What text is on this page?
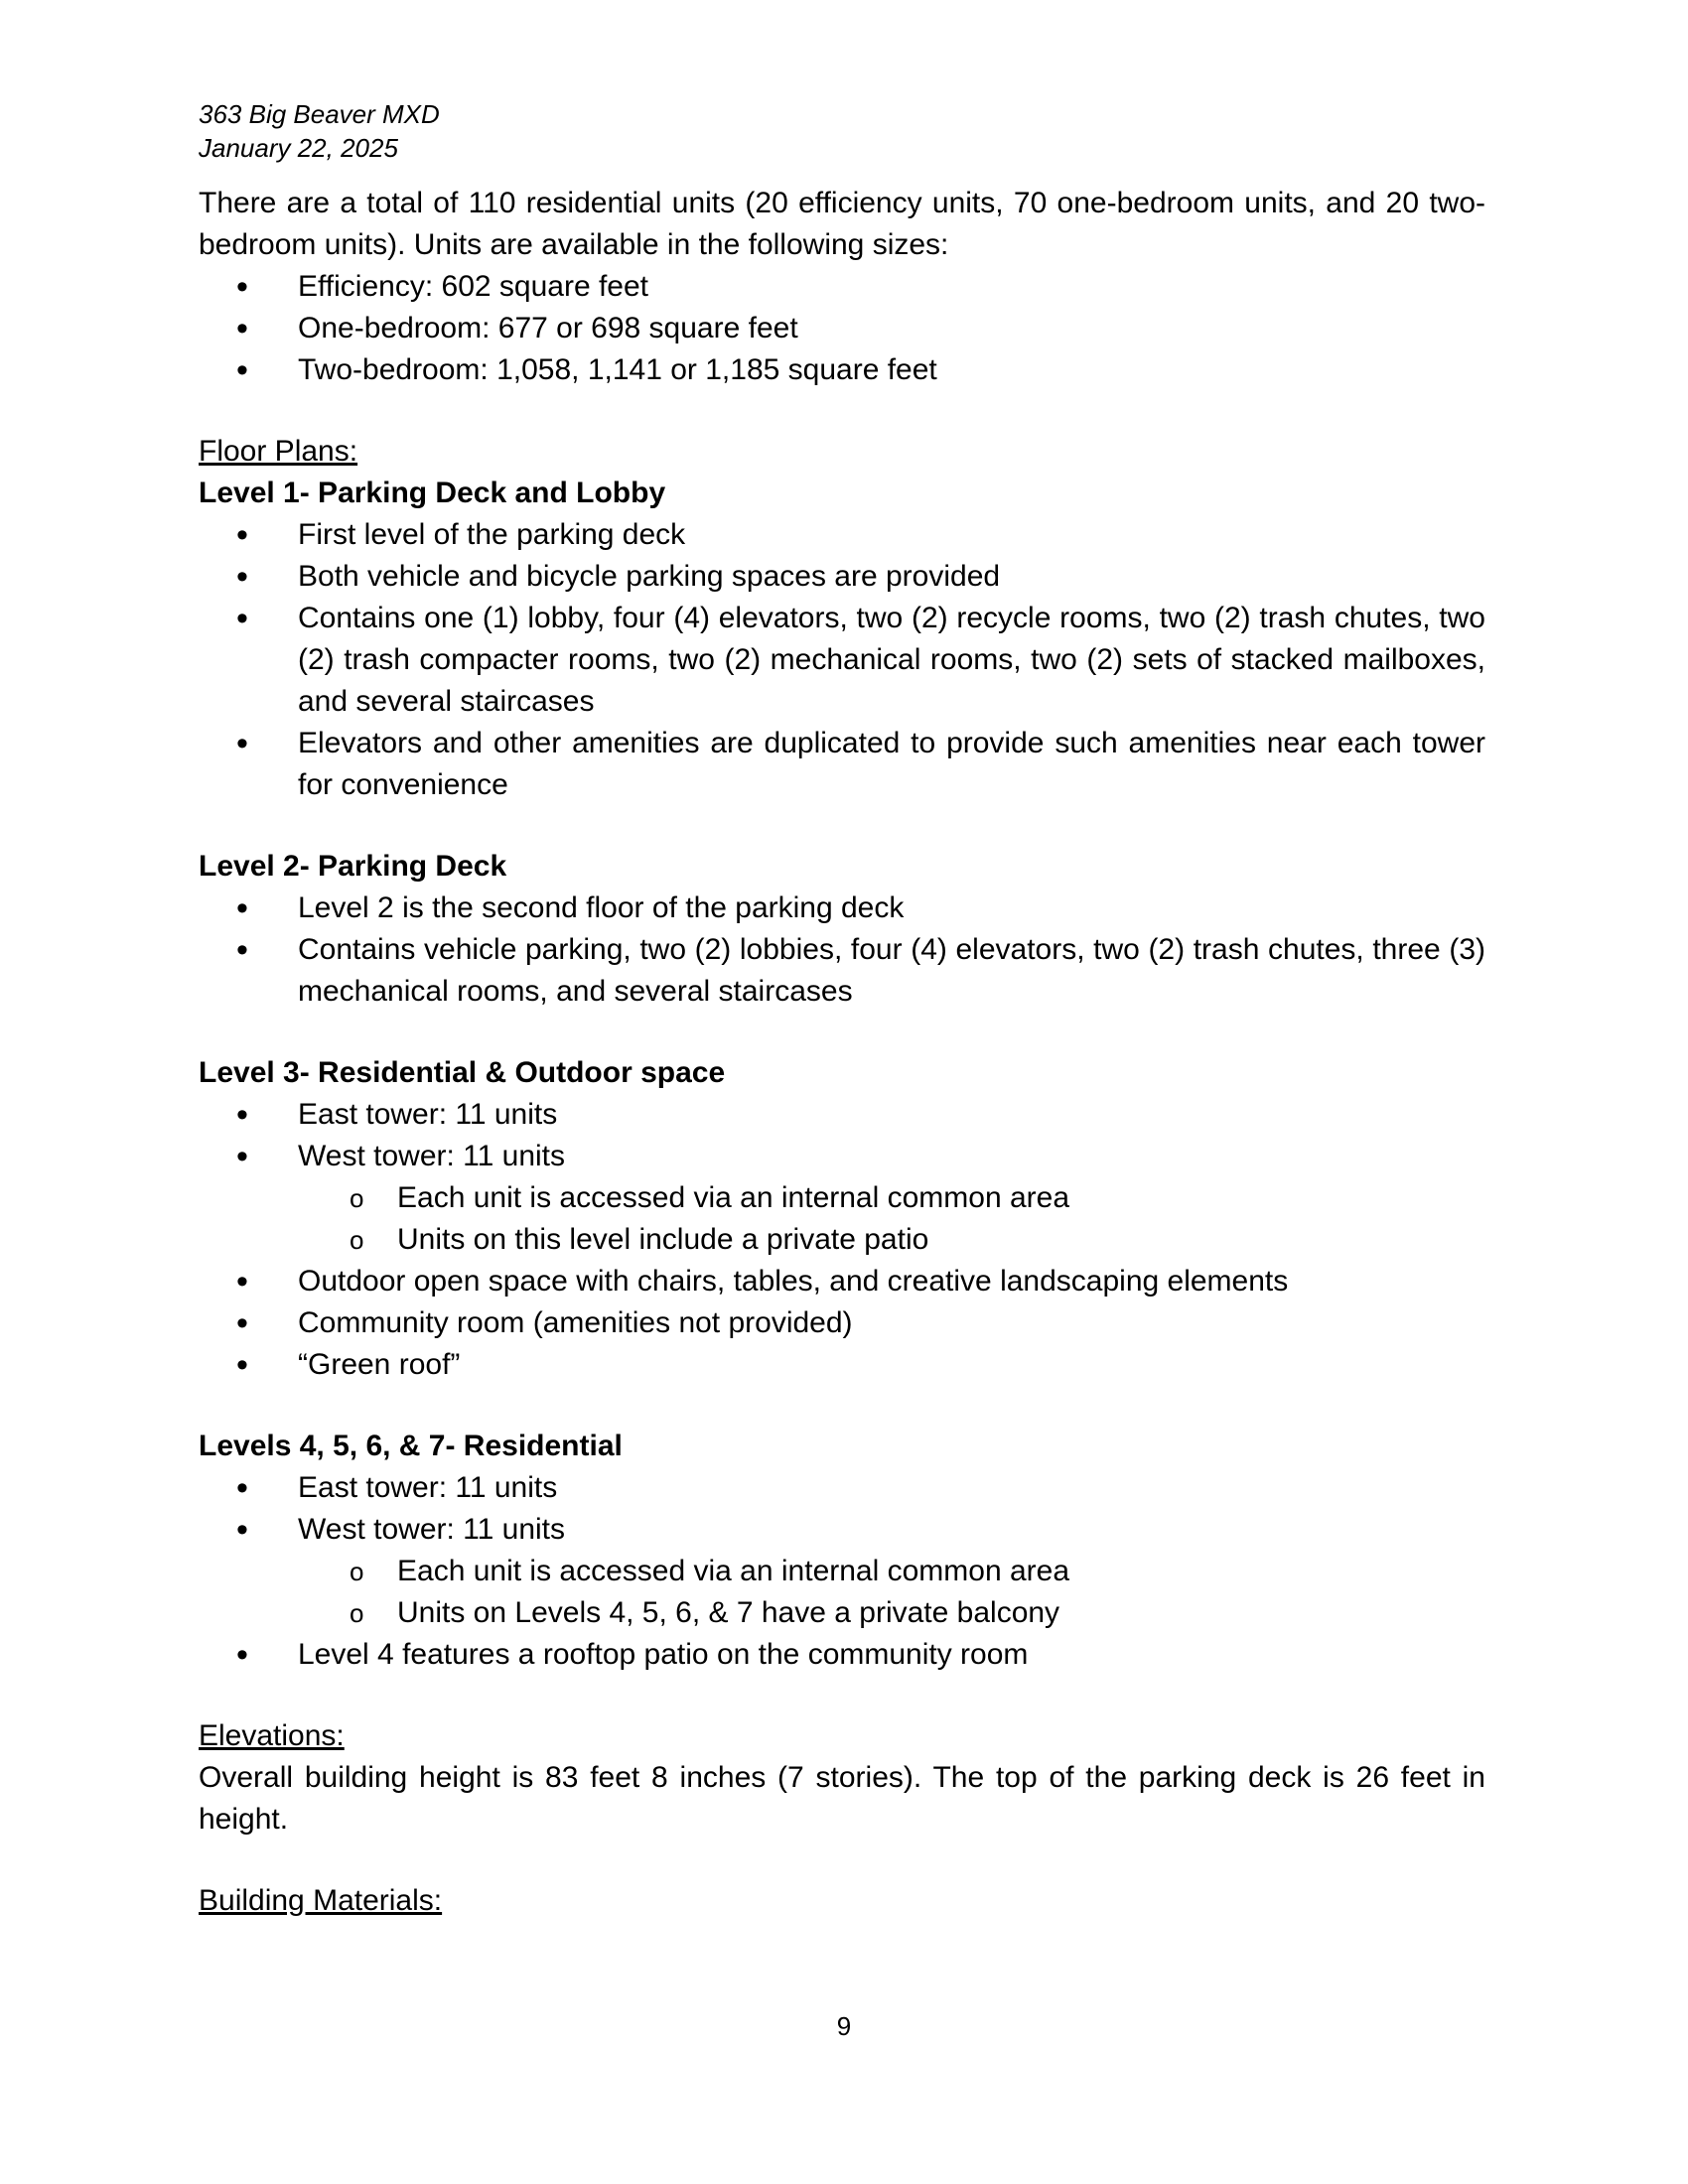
363 Big Beaver MXD

January 22, 2025

There are a total of 110 residential units (20 efficiency units, 70 one-bedroom units, and 20 two-bedroom units). Units are available in the following sizes:

• Efficiency: 602 square feet
• One-bedroom: 677 or 698 square feet
• Two-bedroom: 1,058, 1,141 or 1,185 square feet

Floor Plans:

Level 1- Parking Deck and Lobby

• First level of the parking deck
• Both vehicle and bicycle parking spaces are provided
• Contains one (1) lobby, four (4) elevators, two (2) recycle rooms, two (2) trash chutes, two (2) trash compacter rooms, two (2) mechanical rooms, two (2) sets of stacked mailboxes, and several staircases
• Elevators and other amenities are duplicated to provide such amenities near each tower for convenience

Level 2- Parking Deck

• Level 2 is the second floor of the parking deck
• Contains vehicle parking, two (2) lobbies, four (4) elevators, two (2) trash chutes, three (3) mechanical rooms, and several staircases

Level 3- Residential & Outdoor space

• East tower: 11 units
• West tower: 11 units
o Each unit is accessed via an internal common area
o Units on this level include a private patio
• Outdoor open space with chairs, tables, and creative landscaping elements
• Community room (amenities not provided)
• “Green roof”

Levels 4, 5, 6, & 7- Residential

• East tower: 11 units
• West tower: 11 units
o Each unit is accessed via an internal common area
o Units on Levels 4, 5, 6, & 7 have a private balcony
• Level 4 features a rooftop patio on the community room

Elevations:

Overall building height is 83 feet 8 inches (7 stories). The top of the parking deck is 26 feet in height.

Building Materials:

9
